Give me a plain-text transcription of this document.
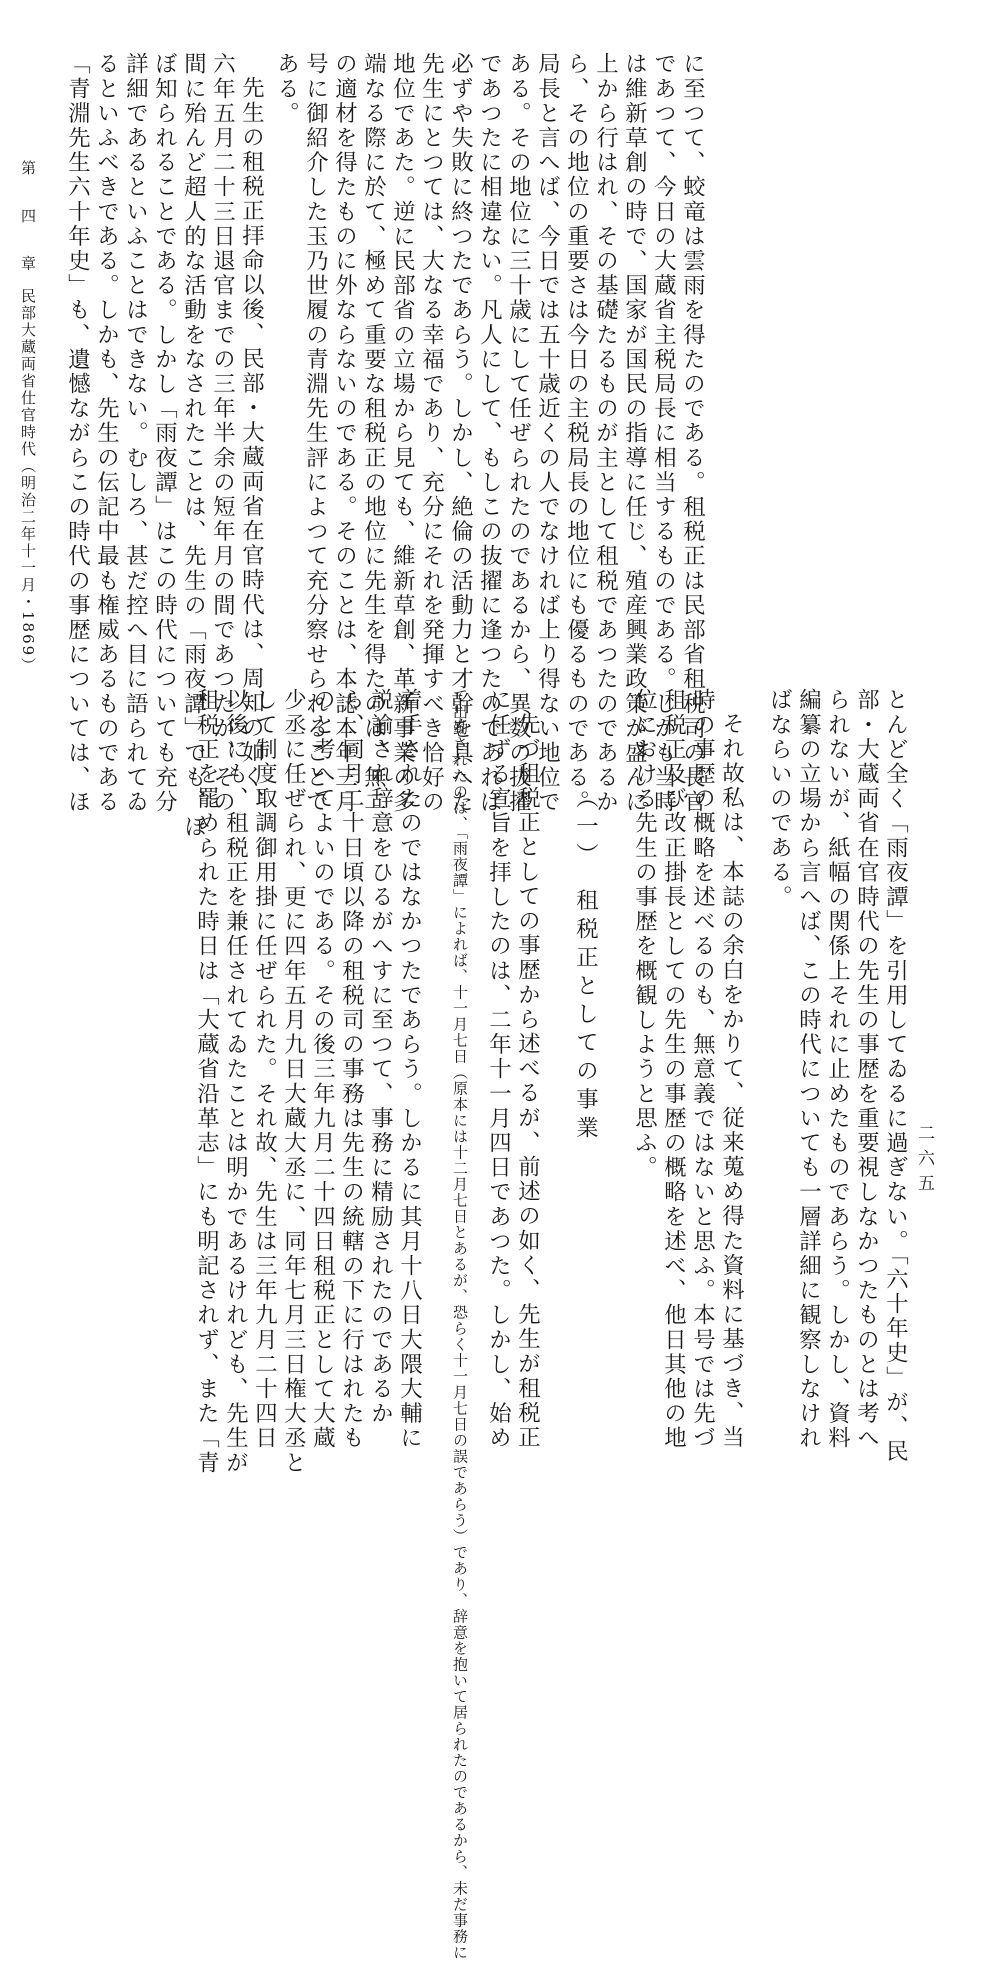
に至つて、蛟竜は雲雨を得たのである。租税正は民部省租税司の長官
であつて、今日の大蔵省主税局長に相当するものである。しかも当時
は維新草創の時で、国家が国民の指導に任じ、殖産興業政策が盛んに
上から行はれ、その基礎たるものが主として租税であつたのであるか
ら、その地位の重要さは今日の主税局長の地位にも優るものである。
局長と言へば、今日では五十歳近くの人でなければ上り得ない地位で
ある。その地位に三十歳にして任ぜられたのであるから、異数の抜擢
であつたに相違ない。凡人にして、もしこの抜擢に逢つたのであれば
必ずや失敗に終つたであらう。しかし、絶倫の活動力と才幹を具へた
先生にとつては、大なる幸福であり、充分にそれを発揮すべき恰好の
地位であた。逆に民部省の立場から見ても、維新草創、革新事業の多
端なる際に於て、極めて重要な租税正の地位に先生を得たのは、無二
の適材を得たものに外ならないのである。そのことは、本誌本年三月
号に御紹介した玉乃世履の青淵先生評によつて充分察せられることで
ある。
先生の租税正拝命以後、民部・大蔵両省在官時代は、周知の如く、
六年五月二十三日退官までの三年半余の短年月の間であつたが、その
間に殆んど超人的な活動をなされたことは、先生の「雨夜譚」でも、ほ
ぼ知られることである。しかし「雨夜譚」はこの時代についても充分
詳細であるといふことはできない。むしろ、甚だ控へ目に語られてゐ
るといふべきである。しかも、先生の伝記中最も権威あるものである
「青淵先生六十年史」も、遺憾ながらこの時代の事歴については、ほ
とんど全く「雨夜譚」を引用してゐるに過ぎない。「六十年史」が、民
部・大蔵両省在官時代の先生の事歴を重要視しなかつたものとは考へ
られないが、紙幅の関係上それに止めたものであらう。しかし、資料
編纂の立場から言へば、この時代についても一層詳細に観察しなけれ
ばならいのである。
それ故私は、本誌の余白をかりて、従来蒐め得た資料に基づき、当
時の事歴の概略を述べるのも、無意義ではないと思ふ。本号では先づ
租税正及び改正掛長としての先生の事歴の概略を述べ、他日其他の地
位における先生の事歴を概観しようと思ふ。
（一）　租税正としての事業
先づ租税正としての事歴から述べるが、前述の如く、先生が租税正
に任ずる宣旨を拝したのは、二年十一月四日であつた。しかし、始め
て出勤されたのは、「雨夜譚」によれば、十一月七日（原本には十二月七日とあるが、恐らく十一月七日の誤であらう）であり、辞意を抱いて居られたのであるから、未だ事務に
着手されたのではなかつたであらう。しかるに其月十八日大隈大輔に
説諭され辞意をひるがへすに至つて、事務に精励されたのであるか
ら、同月二十日頃以降の租税司の事務は先生の統轄の下に行はれたも
のと考へてよいのである。その後三年九月二十四日租税正として大蔵
少丞に任ぜられ、更に四年五月九日大蔵大丞に、同年七月三日権大丞と
して制度取調御用掛に任ぜられた。それ故、先生は三年九月二十四日
以後にも、租税正を兼任されてゐたことは明かであるけれども、先生が
租税正を罷められた時日は「大蔵省沿革志」にも明記されず、また「青
第 四 章
民部大蔵両省仕官時代（明治二年十一月・1869）
二六五
